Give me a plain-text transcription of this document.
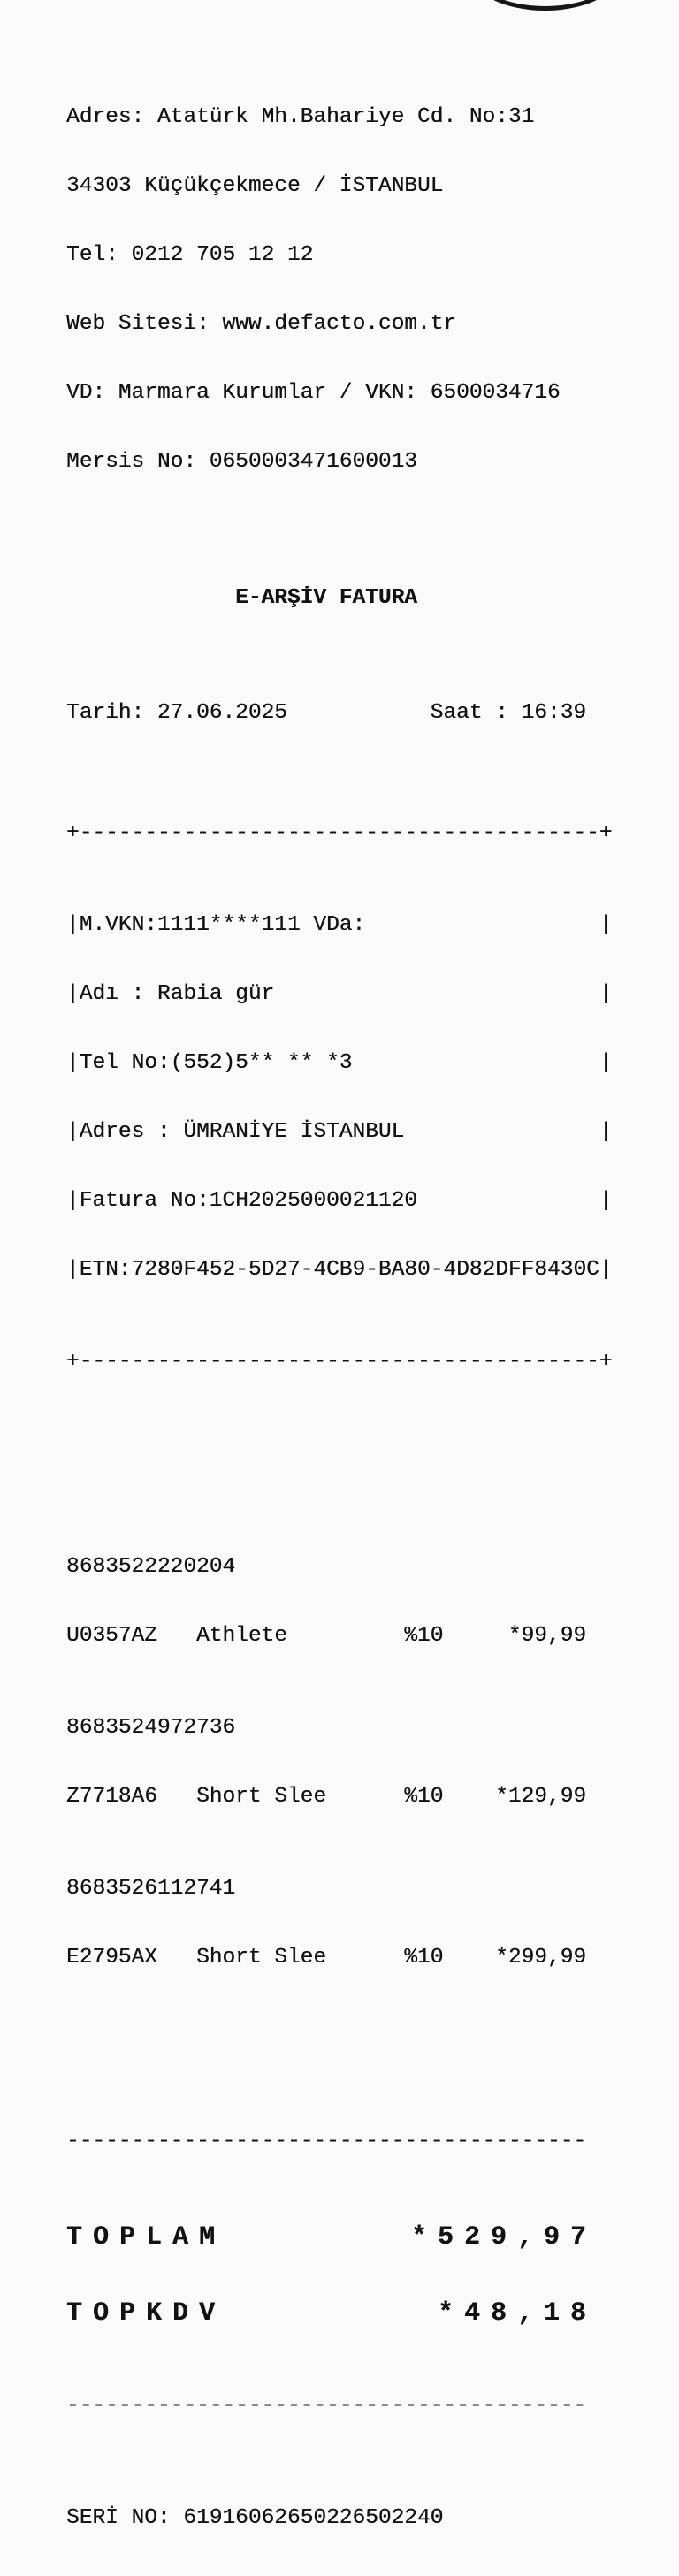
Adres: Atatürk Mh.Bahariye Cd. No:31

34303 Küçükçekmece / İSTANBUL

Tel: 0212 705 12 12

Web Sitesi: www.defacto.com.tr

VD: Marmara Kurumlar / VKN: 6500034716

Mersis No: 0650003471600013

E-ARŞİV FATURA

Tarih: 27.06.2025	Saat : 16:39

+----------------------------------------+

| M.VKN:1111****111 VDa:	|

| Adı : Rabia gür	|

| Tel No:(552)5** ** *3	|

| Adres : ÜMRANİYE İSTANBUL	|

| Fatura No:1CH2025000021120	|

| ETN:7280F452-5D27-4CB9-BA80-4D82DFF8430C |

+----------------------------------------+

8683522220204

U0357AZ	Athlete	%10	*99,99

8683524972736

Z7718A6	Short Slee	%10	*129,99

8683526112741

E2795AX	Short Slee	%10	*299,99

----------------------------------------

TOPLAM	*529,97

TOPKDV	*48,18

----------------------------------------

SERİ NO: 61916062650226502240
